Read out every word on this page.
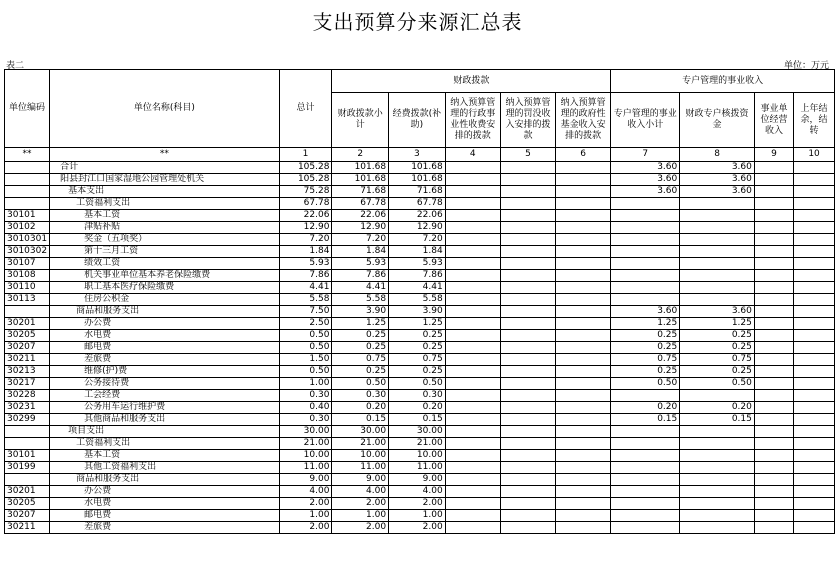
支出预算分来源汇总表
表二	单位：万元
单位编码	单位名称(科目)	总计	财政拨款					专户管理的事业收入			
			财政拨款小计	经费拨款(补助)	纳入预算管理的行政事业性收费安排的拨款	纳入预算管理的罚没收入安排的拨款	纳入预算管理的政府性基金收入安排的拨款	专户管理的事业收入小计	财政专户核拨资金	事业单位经营收入	上年结余，结转
**	**	1	2	3	4	5	6	7	8	9	10
	合计	105.28	101.68	101.68				3.60	3.60		
	阳县封江口国家湿地公园管理处机关	105.28	101.68	101.68				3.60	3.60		
	基本支出	75.28	71.68	71.68				3.60	3.60		
	工资福利支出	67.78	67.78	67.78							
30101	基本工资	22.06	22.06	22.06							
30102	津贴补贴	12.90	12.90	12.90							
3010301	奖金（五项奖）	7.20	7.20	7.20							
3010302	第十三月工资	1.84	1.84	1.84							
30107	绩效工资	5.93	5.93	5.93							
30108	机关事业单位基本养老保险缴费	7.86	7.86	7.86							
30110	职工基本医疗保险缴费	4.41	4.41	4.41							
30113	住房公积金	5.58	5.58	5.58							
	商品和服务支出	7.50	3.90	3.90				3.60	3.60		
30201	办公费	2.50	1.25	1.25				1.25	1.25		
30205	水电费	0.50	0.25	0.25				0.25	0.25		
30207	邮电费	0.50	0.25	0.25				0.25	0.25		
30211	差旅费	1.50	0.75	0.75				0.75	0.75		
30213	维修(护)费	0.50	0.25	0.25				0.25	0.25		
30217	公务接待费	1.00	0.50	0.50				0.50	0.50		
30228	工会经费	0.30	0.30	0.30							
30231	公务用车运行维护费	0.40	0.20	0.20				0.20	0.20		
30299	其他商品和服务支出	0.30	0.15	0.15				0.15	0.15		
	项目支出	30.00	30.00	30.00							
	工资福利支出	21.00	21.00	21.00							
30101	基本工资	10.00	10.00	10.00							
30199	其他工资福利支出	11.00	11.00	11.00							
	商品和服务支出	9.00	9.00	9.00							
30201	办公费	4.00	4.00	4.00							
30205	水电费	2.00	2.00	2.00							
30207	邮电费	1.00	1.00	1.00							
30211	差旅费	2.00	2.00	2.00							
